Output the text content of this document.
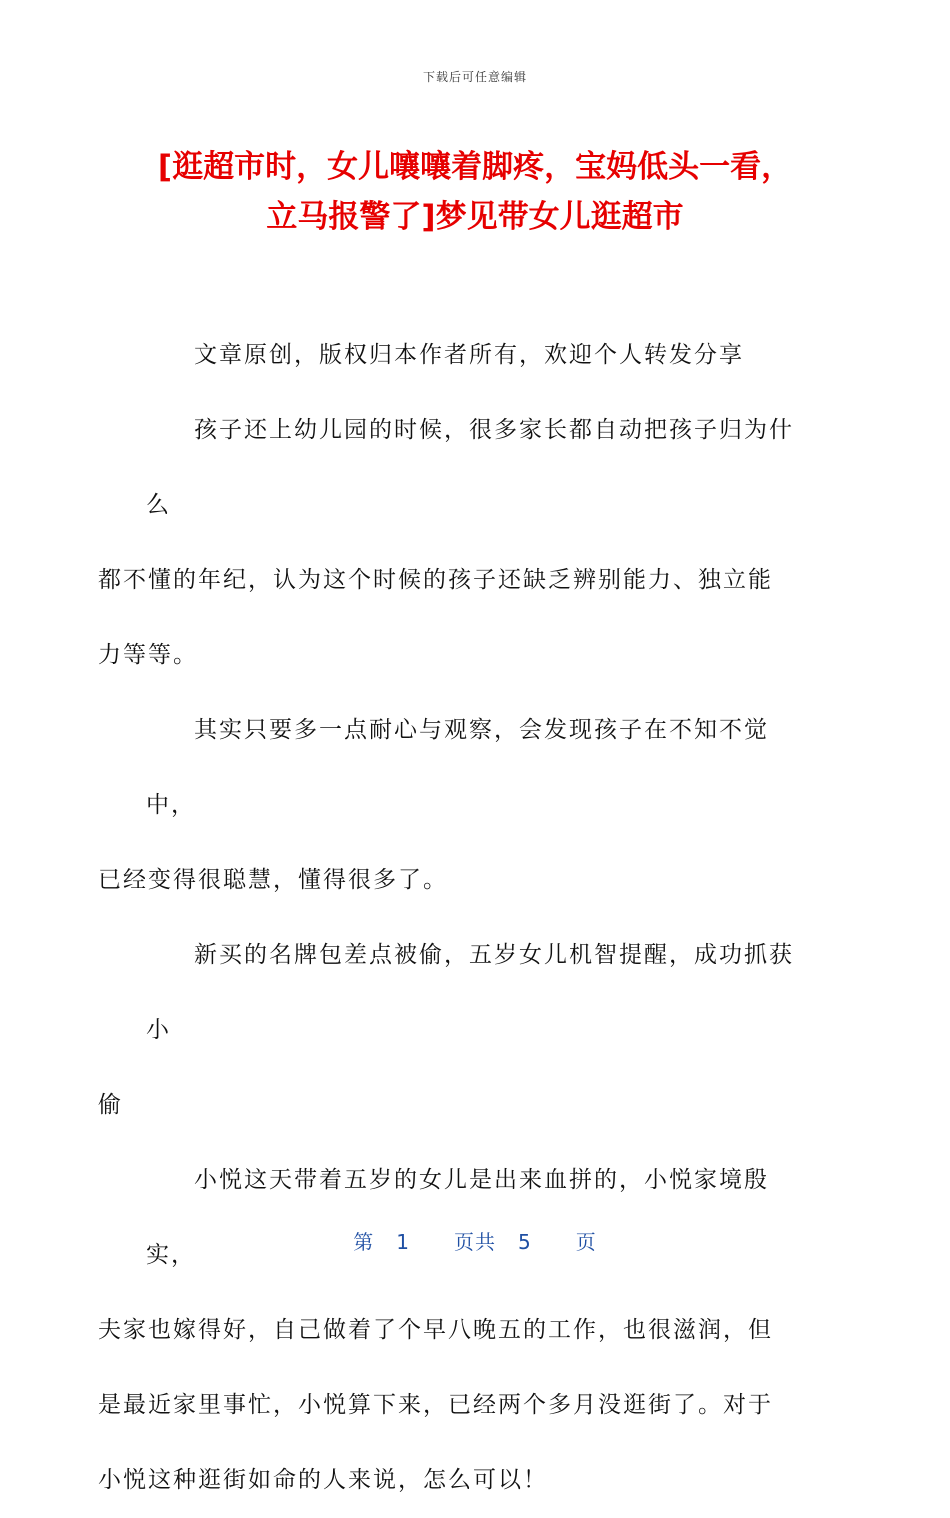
下载后可任意编辑
[逛超市时，女儿嚷嚷着脚疼，宝妈低头一看，
立马报警了]梦见带女儿逛超市

文章原创，版权归本作者所有，欢迎个人转发分享

孩子还上幼儿园的时候，很多家长都自动把孩子归为什么
都不懂的年纪，认为这个时候的孩子还缺乏辨别能力、独立能
力等等。

其实只要多一点耐心与观察，会发现孩子在不知不觉中，
已经变得很聪慧，懂得很多了。

新买的名牌包差点被偷，五岁女儿机智提醒，成功抓获小
偷

小悦这天带着五岁的女儿是出来血拼的，小悦家境殷实，
夫家也嫁得好，自己做着了个早八晚五的工作，也很滋润，但
是最近家里事忙，小悦算下来，已经两个多月没逛街了。对于
小悦这种逛街如命的人来说，怎么可以！

第 1 页共 5 页
